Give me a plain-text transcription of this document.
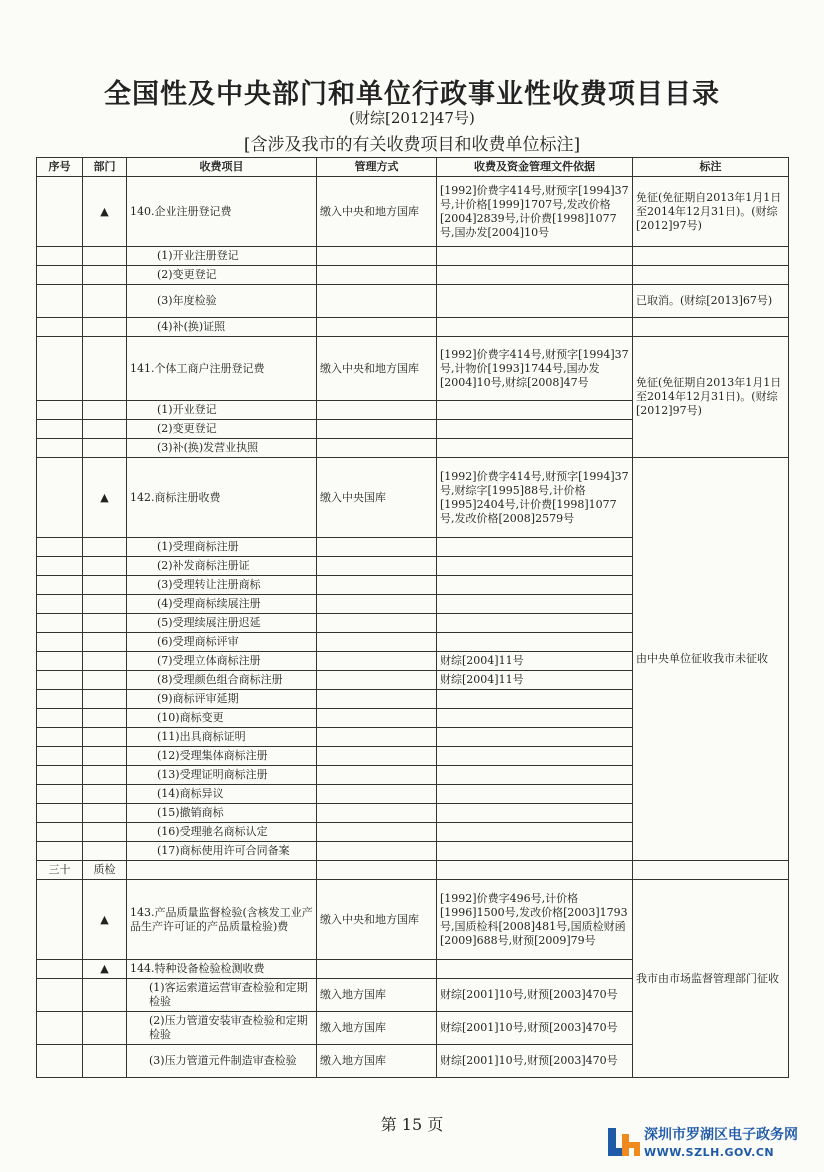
全国性及中央部门和单位行政事业性收费项目目录
(财综[2012]47号)
[含涉及我市的有关收费项目和收费单位标注]
序号	部门	收费项目	管理方式	收费及资金管理文件依据	标注
	▲	140.企业注册登记费	缴入中央和地方国库	[1992]价费字414号,财预字[1994]37号,计价格[1999]1707号,发改价格[2004]2839号,计价费[1998]1077号,国办发[2004]10号	免征(免征期自2013年1月1日至2014年12月31日)。(财综[2012]97号)
		(1)开业注册登记			
		(2)变更登记			
		(3)年度检验			已取消。(财综[2013]67号)
		(4)补(换)证照			
		141.个体工商户注册登记费	缴入中央和地方国库	[1992]价费字414号,财预字[1994]37号,计物价[1993]1744号,国办发[2004]10号,财综[2008]47号	免征(免征期自2013年1月1日至2014年12月31日)。(财综[2012]97号)
		(1)开业登记			
		(2)变更登记			
		(3)补(换)发营业执照			
	▲	142.商标注册收费	缴入中央国库	[1992]价费字414号,财预字[1994]37号,财综字[1995]88号,计价格[1995]2404号,计价费[1998]1077号,发改价格[2008]2579号	由中央单位征收我市未征收
		(1)受理商标注册			
		(2)补发商标注册证			
		(3)受理转让注册商标			
		(4)受理商标续展注册			
		(5)受理续展注册迟延			
		(6)受理商标评审			
		(7)受理立体商标注册		财综[2004]11号	
		(8)受理颜色组合商标注册		财综[2004]11号	
		(9)商标评审延期			
		(10)商标变更			
		(11)出具商标证明			
		(12)受理集体商标注册			
		(13)受理证明商标注册			
		(14)商标异议			
		(15)撤销商标			
		(16)受理驰名商标认定			
		(17)商标使用许可合同备案			
三十	质检				
	▲	143.产品质量监督检验(含核发工业产品生产许可证的产品质量检验)费	缴入中央和地方国库	[1992]价费字496号,计价格[1996]1500号,发改价格[2003]1793号,国质检科[2008]481号,国质检财函[2009]688号,财预[2009]79号	我市由市场监督管理部门征收
	▲	144.特种设备检验检测收费			
		(1)客运索道运营审查检验和定期检验	缴入地方国库	财综[2001]10号,财预[2003]470号	
		(2)压力管道安装审查检验和定期检验	缴入地方国库	财综[2001]10号,财预[2003]470号	
		(3)压力管道元件制造审查检验	缴入地方国库	财综[2001]10号,财预[2003]470号	
第 15 页
深圳市罗湖区电子政务网
WWW.SZLH.GOV.CN
